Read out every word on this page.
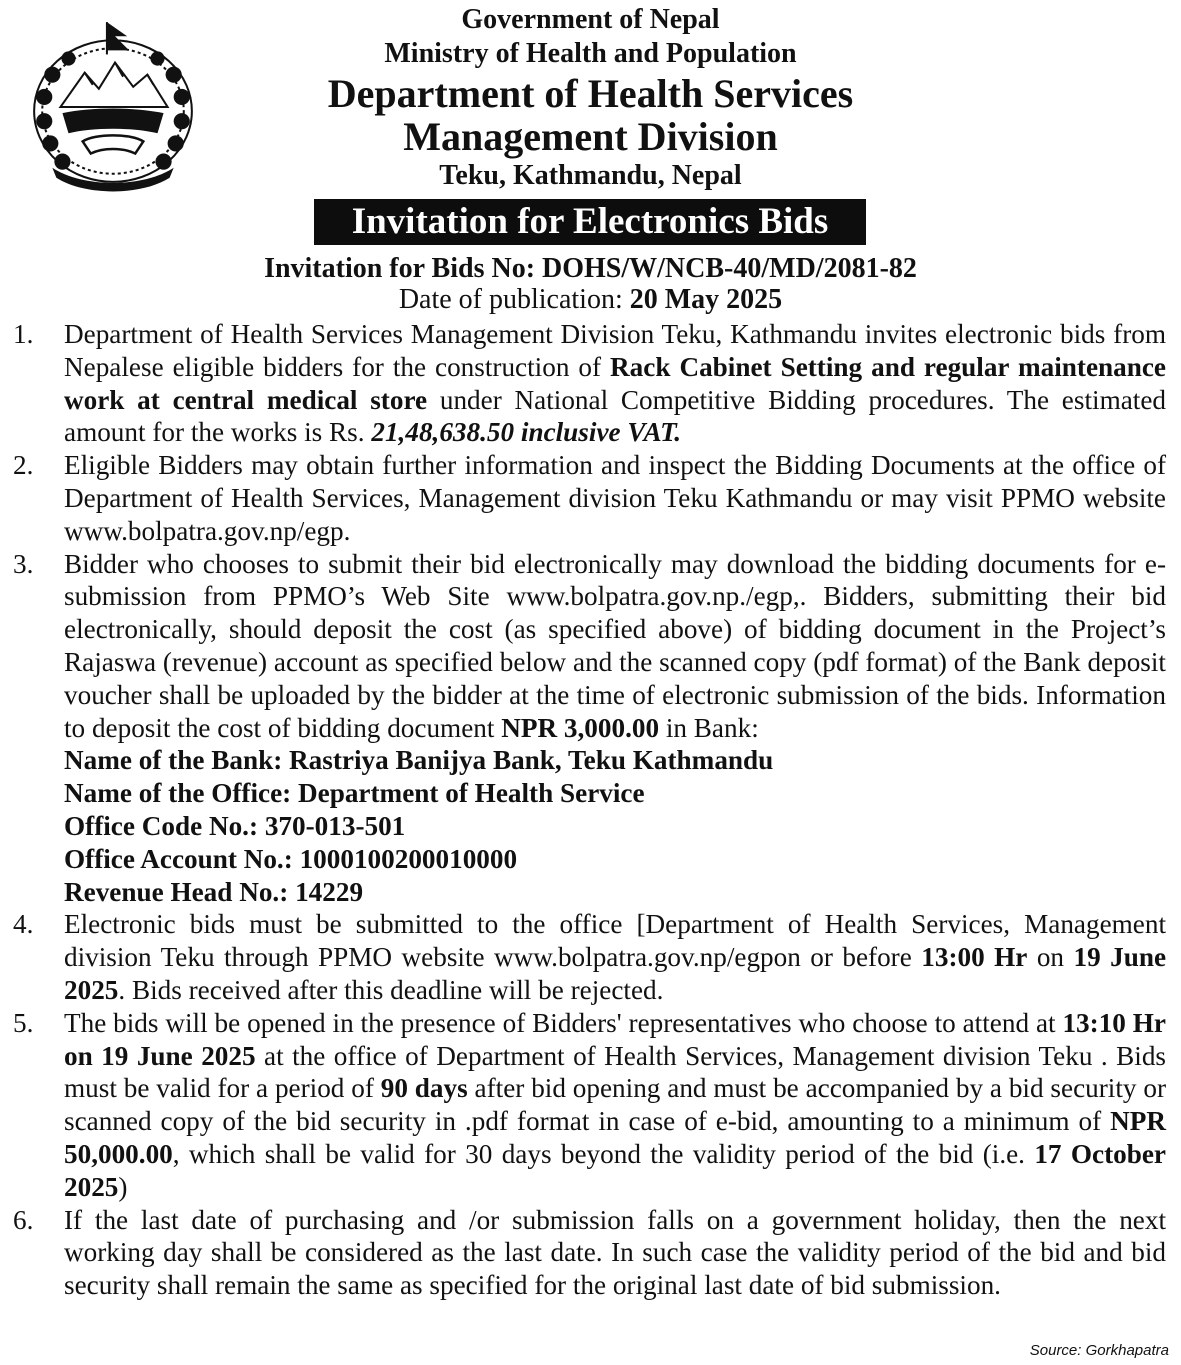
Government of Nepal
Ministry of Health and Population
Department of Health Services
Management Division
Teku, Kathmandu, Nepal
Invitation for Electronics Bids
Invitation for Bids No: DOHS/W/NCB-40/MD/2081-82
Date of publication: 20 May 2025
1. Department of Health Services Management Division Teku, Kathmandu invites electronic bids from Nepalese eligible bidders for the construction of Rack Cabinet Setting and regular maintenance work at central medical store under National Competitive Bidding procedures. The estimated amount for the works is Rs. 21,48,638.50 inclusive VAT.

2. Eligible Bidders may obtain further information and inspect the Bidding Documents at the office of Department of Health Services, Management division Teku Kathmandu or may visit PPMO website www.bolpatra.gov.np/egp.

3. Bidder who chooses to submit their bid electronically may download the bidding documents for e-submission from PPMO’s Web Site www.bolpatra.gov.np./egp,. Bidders, submitting their bid electronically, should deposit the cost (as specified above) of bidding document in the Project’s Rajaswa (revenue) account as specified below and the scanned copy (pdf format) of the Bank deposit voucher shall be uploaded by the bidder at the time of electronic submission of the bids. Information to deposit the cost of bidding document NPR 3,000.00 in Bank:

Name of the Bank: Rastriya Banijya Bank, Teku Kathmandu
Name of the Office: Department of Health Service
Office Code No.: 370-013-501
Office Account No.: 1000100200010000
Revenue Head No.: 14229
4. Electronic bids must be submitted to the office [Department of Health Services, Management division Teku through PPMO website www.bolpatra.gov.np/egpon or before 13:00 Hr on 19 June 2025. Bids received after this deadline will be rejected.

5. The bids will be opened in the presence of Bidders' representatives who choose to attend at 13:10 Hr on 19 June 2025 at the office of Department of Health Services, Management division Teku . Bids must be valid for a period of 90 days after bid opening and must be accompanied by a bid security or scanned copy of the bid security in .pdf format in case of e-bid, amounting to a minimum of NPR 50,000.00, which shall be valid for 30 days beyond the validity period of the bid (i.e. 17 October 2025)

6. If the last date of purchasing and /or submission falls on a government holiday, then the next working day shall be considered as the last date. In such case the validity period of the bid and bid security shall remain the same as specified for the original last date of bid submission.

Source: Gorkhapatra
